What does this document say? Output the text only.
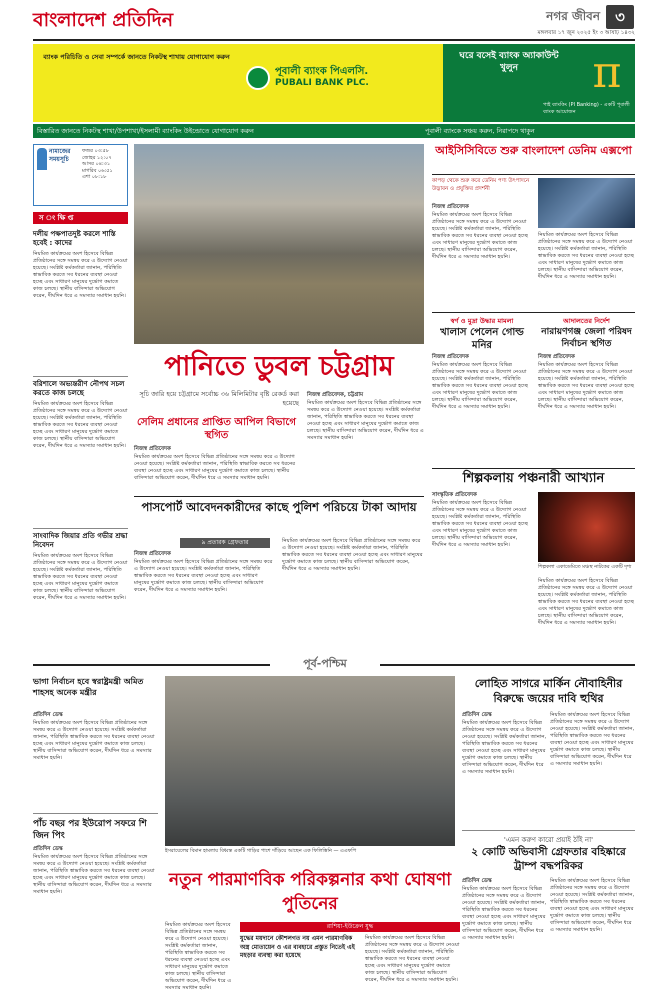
বাংলাদেশ প্রতিদিন	নগর জীবন	৩
মঙ্গলবার ১৭ জুন ২০২৫ ইং ৩ আষাঢ় ১৪৩২
ব্যাংক পরিচিতি ও সেবা সম্পর্কে জানতে নিকটস্থ শাখায় যোগাযোগ করুন
পূবালী ব্যাংক পিএলসি.
PUBALI BANK PLC.
ঘরে বসেই ব্যাংক অ্যাকাউন্ট খুলুন	π
পাই ব্যাংকিং (PI Banking) - একটি পূবালী ব্যাংক আয়োজন
বিস্তারিত জানতে নিকটস্থ শাখা/উপশাখা/ইসলামী ব্যাংকিং উইন্ডোতে যোগাযোগ করুন	পূবালী ব্যাংকে সঞ্চয় করুন, নিরাপদে থাকুন
নামাজের সময়সূচি
ফজর ০৩:৫৮
জোহর ১২:০৭
আসর ০৪:৩১
মাগরিব ০৬:৫১
এশা ০৮:১৮
স ং ক্ষি প্ত
দলীয় পক্ষপাতদুষ্ট করলে শাস্তি হবেই : কাদের
নিয়মিত কার্যক্রমের অংশ হিসেবে বিভিন্ন প্রতিষ্ঠানের সঙ্গে সমন্বয় করে এ উদ্যোগ নেওয়া হয়েছে। সংশ্লিষ্ট কর্মকর্তারা জানান, পরিস্থিতি স্বাভাবিক করতে সব ধরনের ব্যবস্থা নেওয়া হচ্ছে এবং সাধারণ মানুষের দুর্ভোগ কমাতে কাজ চলছে। স্থানীয় বাসিন্দারা অভিযোগ করেন, দীর্ঘদিন ধরে এ সমস্যার সমাধান হয়নি।
বরিশালে অভ্যন্তরীণ নৌপথ সচল করতে কাজ চলছে
নিয়মিত কার্যক্রমের অংশ হিসেবে বিভিন্ন প্রতিষ্ঠানের সঙ্গে সমন্বয় করে এ উদ্যোগ নেওয়া হয়েছে। সংশ্লিষ্ট কর্মকর্তারা জানান, পরিস্থিতি স্বাভাবিক করতে সব ধরনের ব্যবস্থা নেওয়া হচ্ছে এবং সাধারণ মানুষের দুর্ভোগ কমাতে কাজ চলছে। স্থানীয় বাসিন্দারা অভিযোগ করেন, দীর্ঘদিন ধরে এ সমস্যার সমাধান হয়নি।
সাংবাদিক জিয়ার প্রতি গভীর শ্রদ্ধা নিবেদন
নিয়মিত কার্যক্রমের অংশ হিসেবে বিভিন্ন প্রতিষ্ঠানের সঙ্গে সমন্বয় করে এ উদ্যোগ নেওয়া হয়েছে। সংশ্লিষ্ট কর্মকর্তারা জানান, পরিস্থিতি স্বাভাবিক করতে সব ধরনের ব্যবস্থা নেওয়া হচ্ছে এবং সাধারণ মানুষের দুর্ভোগ কমাতে কাজ চলছে। স্থানীয় বাসিন্দারা অভিযোগ করেন, দীর্ঘদিন ধরে এ সমস্যার সমাধান হয়নি।
পানিতে ডুবল চট্টগ্রাম
সূচি জারি হয়ে চট্টগ্রামে সর্বোচ্চ ৩৬ মিলিমিটার বৃষ্টি রেকর্ড করা হয়েছে
নিজস্ব প্রতিবেদক, চট্টগ্রাম
নিয়মিত কার্যক্রমের অংশ হিসেবে বিভিন্ন প্রতিষ্ঠানের সঙ্গে সমন্বয় করে এ উদ্যোগ নেওয়া হয়েছে। সংশ্লিষ্ট কর্মকর্তারা জানান, পরিস্থিতি স্বাভাবিক করতে সব ধরনের ব্যবস্থা নেওয়া হচ্ছে এবং সাধারণ মানুষের দুর্ভোগ কমাতে কাজ চলছে। স্থানীয় বাসিন্দারা অভিযোগ করেন, দীর্ঘদিন ধরে এ সমস্যার সমাধান হয়নি।
সেলিম প্রধানের প্রাপ্তিত আপিল বিভাগে স্থগিত
নিজস্ব প্রতিবেদক
নিয়মিত কার্যক্রমের অংশ হিসেবে বিভিন্ন প্রতিষ্ঠানের সঙ্গে সমন্বয় করে এ উদ্যোগ নেওয়া হয়েছে। সংশ্লিষ্ট কর্মকর্তারা জানান, পরিস্থিতি স্বাভাবিক করতে সব ধরনের ব্যবস্থা নেওয়া হচ্ছে এবং সাধারণ মানুষের দুর্ভোগ কমাতে কাজ চলছে। স্থানীয় বাসিন্দারা অভিযোগ করেন, দীর্ঘদিন ধরে এ সমস্যার সমাধান হয়নি।
পাসপোর্ট আবেদনকারীদের কাছে পুলিশ পরিচয়ে টাকা আদায়
৯ প্রতারক গ্রেফতার
নিজস্ব প্রতিবেদক
নিয়মিত কার্যক্রমের অংশ হিসেবে বিভিন্ন প্রতিষ্ঠানের সঙ্গে সমন্বয় করে এ উদ্যোগ নেওয়া হয়েছে। সংশ্লিষ্ট কর্মকর্তারা জানান, পরিস্থিতি স্বাভাবিক করতে সব ধরনের ব্যবস্থা নেওয়া হচ্ছে এবং সাধারণ মানুষের দুর্ভোগ কমাতে কাজ চলছে। স্থানীয় বাসিন্দারা অভিযোগ করেন, দীর্ঘদিন ধরে এ সমস্যার সমাধান হয়নি।
নিয়মিত কার্যক্রমের অংশ হিসেবে বিভিন্ন প্রতিষ্ঠানের সঙ্গে সমন্বয় করে এ উদ্যোগ নেওয়া হয়েছে। সংশ্লিষ্ট কর্মকর্তারা জানান, পরিস্থিতি স্বাভাবিক করতে সব ধরনের ব্যবস্থা নেওয়া হচ্ছে এবং সাধারণ মানুষের দুর্ভোগ কমাতে কাজ চলছে। স্থানীয় বাসিন্দারা অভিযোগ করেন, দীর্ঘদিন ধরে এ সমস্যার সমাধান হয়নি।
আইসিসিবিতে শুরু বাংলাদেশ ডেনিম এক্সপো
কাপড় থেকে শুরু করে ডেনিম পণ্য উৎপাদনে উদ্ভাবন ও প্রযুক্তির প্রদর্শনী
নিজস্ব প্রতিবেদক
নিয়মিত কার্যক্রমের অংশ হিসেবে বিভিন্ন প্রতিষ্ঠানের সঙ্গে সমন্বয় করে এ উদ্যোগ নেওয়া হয়েছে। সংশ্লিষ্ট কর্মকর্তারা জানান, পরিস্থিতি স্বাভাবিক করতে সব ধরনের ব্যবস্থা নেওয়া হচ্ছে এবং সাধারণ মানুষের দুর্ভোগ কমাতে কাজ চলছে। স্থানীয় বাসিন্দারা অভিযোগ করেন, দীর্ঘদিন ধরে এ সমস্যার সমাধান হয়নি।
নিয়মিত কার্যক্রমের অংশ হিসেবে বিভিন্ন প্রতিষ্ঠানের সঙ্গে সমন্বয় করে এ উদ্যোগ নেওয়া হয়েছে। সংশ্লিষ্ট কর্মকর্তারা জানান, পরিস্থিতি স্বাভাবিক করতে সব ধরনের ব্যবস্থা নেওয়া হচ্ছে এবং সাধারণ মানুষের দুর্ভোগ কমাতে কাজ চলছে। স্থানীয় বাসিন্দারা অভিযোগ করেন, দীর্ঘদিন ধরে এ সমস্যার সমাধান হয়নি।
স্বর্ণ ও মুদ্রা উদ্ধার মামলা
খালাস পেলেন গোল্ড মনির
নিজস্ব প্রতিবেদক
নিয়মিত কার্যক্রমের অংশ হিসেবে বিভিন্ন প্রতিষ্ঠানের সঙ্গে সমন্বয় করে এ উদ্যোগ নেওয়া হয়েছে। সংশ্লিষ্ট কর্মকর্তারা জানান, পরিস্থিতি স্বাভাবিক করতে সব ধরনের ব্যবস্থা নেওয়া হচ্ছে এবং সাধারণ মানুষের দুর্ভোগ কমাতে কাজ চলছে। স্থানীয় বাসিন্দারা অভিযোগ করেন, দীর্ঘদিন ধরে এ সমস্যার সমাধান হয়নি।
আদালতের নির্দেশ
নারায়ণগঞ্জ জেলা পরিষদ নির্বাচন স্থগিত
নিজস্ব প্রতিবেদক
নিয়মিত কার্যক্রমের অংশ হিসেবে বিভিন্ন প্রতিষ্ঠানের সঙ্গে সমন্বয় করে এ উদ্যোগ নেওয়া হয়েছে। সংশ্লিষ্ট কর্মকর্তারা জানান, পরিস্থিতি স্বাভাবিক করতে সব ধরনের ব্যবস্থা নেওয়া হচ্ছে এবং সাধারণ মানুষের দুর্ভোগ কমাতে কাজ চলছে। স্থানীয় বাসিন্দারা অভিযোগ করেন, দীর্ঘদিন ধরে এ সমস্যার সমাধান হয়নি।
শিল্পকলায় পঞ্চনারী আখ্যান
সাংস্কৃতিক প্রতিবেদক
নিয়মিত কার্যক্রমের অংশ হিসেবে বিভিন্ন প্রতিষ্ঠানের সঙ্গে সমন্বয় করে এ উদ্যোগ নেওয়া হয়েছে। সংশ্লিষ্ট কর্মকর্তারা জানান, পরিস্থিতি স্বাভাবিক করতে সব ধরনের ব্যবস্থা নেওয়া হচ্ছে এবং সাধারণ মানুষের দুর্ভোগ কমাতে কাজ চলছে। স্থানীয় বাসিন্দারা অভিযোগ করেন, দীর্ঘদিন ধরে এ সমস্যার সমাধান হয়নি।
শিল্পকলা একাডেমিতে মঞ্চস্থ নাটকের একটি দৃশ্য
নিয়মিত কার্যক্রমের অংশ হিসেবে বিভিন্ন প্রতিষ্ঠানের সঙ্গে সমন্বয় করে এ উদ্যোগ নেওয়া হয়েছে। সংশ্লিষ্ট কর্মকর্তারা জানান, পরিস্থিতি স্বাভাবিক করতে সব ধরনের ব্যবস্থা নেওয়া হচ্ছে এবং সাধারণ মানুষের দুর্ভোগ কমাতে কাজ চলছে। স্থানীয় বাসিন্দারা অভিযোগ করেন, দীর্ঘদিন ধরে এ সমস্যার সমাধান হয়নি।
পূর্ব-পশ্চিম
ভাগা নির্বাচন হবে স্বরাষ্ট্রমন্ত্রী অমিত শাহসহ অনেক মন্ত্রীর
প্রতিদিন ডেস্ক
নিয়মিত কার্যক্রমের অংশ হিসেবে বিভিন্ন প্রতিষ্ঠানের সঙ্গে সমন্বয় করে এ উদ্যোগ নেওয়া হয়েছে। সংশ্লিষ্ট কর্মকর্তারা জানান, পরিস্থিতি স্বাভাবিক করতে সব ধরনের ব্যবস্থা নেওয়া হচ্ছে এবং সাধারণ মানুষের দুর্ভোগ কমাতে কাজ চলছে। স্থানীয় বাসিন্দারা অভিযোগ করেন, দীর্ঘদিন ধরে এ সমস্যার সমাধান হয়নি।
পাঁচ বছর পর ইউরোপ সফরে শি জিন পিং
প্রতিদিন ডেস্ক
নিয়মিত কার্যক্রমের অংশ হিসেবে বিভিন্ন প্রতিষ্ঠানের সঙ্গে সমন্বয় করে এ উদ্যোগ নেওয়া হয়েছে। সংশ্লিষ্ট কর্মকর্তারা জানান, পরিস্থিতি স্বাভাবিক করতে সব ধরনের ব্যবস্থা নেওয়া হচ্ছে এবং সাধারণ মানুষের দুর্ভোগ কমাতে কাজ চলছে। স্থানীয় বাসিন্দারা অভিযোগ করেন, দীর্ঘদিন ধরে এ সমস্যার সমাধান হয়নি।
ইসরায়েলের বিমান হামলায় বিধ্বস্ত একটি গাড়ির পাশে দাঁড়িয়ে আছেন এক ফিলিস্তিনি — এএফপি
নতুন পারমাণবিক পরিকল্পনার কথা ঘোষণা পুতিনের
নিয়মিত কার্যক্রমের অংশ হিসেবে বিভিন্ন প্রতিষ্ঠানের সঙ্গে সমন্বয় করে এ উদ্যোগ নেওয়া হয়েছে। সংশ্লিষ্ট কর্মকর্তারা জানান, পরিস্থিতি স্বাভাবিক করতে সব ধরনের ব্যবস্থা নেওয়া হচ্ছে এবং সাধারণ মানুষের দুর্ভোগ কমাতে কাজ চলছে। স্থানীয় বাসিন্দারা অভিযোগ করেন, দীর্ঘদিন ধরে এ সমস্যার সমাধান হয়নি।
রাশিয়া-ইউক্রেন যুদ্ধ
যুদ্ধের ময়দানে কৌশলগত নয় এমন পারমাণবিক অস্ত্র মোতায়েন ও এর ব্যবহারে প্রস্তুত নিতেই এই মহড়ার ব্যবস্থা করা হয়েছে
নিয়মিত কার্যক্রমের অংশ হিসেবে বিভিন্ন প্রতিষ্ঠানের সঙ্গে সমন্বয় করে এ উদ্যোগ নেওয়া হয়েছে। সংশ্লিষ্ট কর্মকর্তারা জানান, পরিস্থিতি স্বাভাবিক করতে সব ধরনের ব্যবস্থা নেওয়া হচ্ছে এবং সাধারণ মানুষের দুর্ভোগ কমাতে কাজ চলছে। স্থানীয় বাসিন্দারা অভিযোগ করেন, দীর্ঘদিন ধরে এ সমস্যার সমাধান হয়নি।
লোহিত সাগরে মার্কিন নৌবাহিনীর বিরুদ্ধে জয়ের দাবি হুথির
প্রতিদিন ডেস্ক
নিয়মিত কার্যক্রমের অংশ হিসেবে বিভিন্ন প্রতিষ্ঠানের সঙ্গে সমন্বয় করে এ উদ্যোগ নেওয়া হয়েছে। সংশ্লিষ্ট কর্মকর্তারা জানান, পরিস্থিতি স্বাভাবিক করতে সব ধরনের ব্যবস্থা নেওয়া হচ্ছে এবং সাধারণ মানুষের দুর্ভোগ কমাতে কাজ চলছে। স্থানীয় বাসিন্দারা অভিযোগ করেন, দীর্ঘদিন ধরে এ সমস্যার সমাধান হয়নি।
নিয়মিত কার্যক্রমের অংশ হিসেবে বিভিন্ন প্রতিষ্ঠানের সঙ্গে সমন্বয় করে এ উদ্যোগ নেওয়া হয়েছে। সংশ্লিষ্ট কর্মকর্তারা জানান, পরিস্থিতি স্বাভাবিক করতে সব ধরনের ব্যবস্থা নেওয়া হচ্ছে এবং সাধারণ মানুষের দুর্ভোগ কমাতে কাজ চলছে। স্থানীয় বাসিন্দারা অভিযোগ করেন, দীর্ঘদিন ধরে এ সমস্যার সমাধান হয়নি।
'এমন করুণ কারো প্রয়াই ঠাঁই না'
২ কোটি অভিবাসী গ্রেফতার বহিষ্কারে ট্রাম্প বদ্ধপরিকর
প্রতিদিন ডেস্ক
নিয়মিত কার্যক্রমের অংশ হিসেবে বিভিন্ন প্রতিষ্ঠানের সঙ্গে সমন্বয় করে এ উদ্যোগ নেওয়া হয়েছে। সংশ্লিষ্ট কর্মকর্তারা জানান, পরিস্থিতি স্বাভাবিক করতে সব ধরনের ব্যবস্থা নেওয়া হচ্ছে এবং সাধারণ মানুষের দুর্ভোগ কমাতে কাজ চলছে। স্থানীয় বাসিন্দারা অভিযোগ করেন, দীর্ঘদিন ধরে এ সমস্যার সমাধান হয়নি।
নিয়মিত কার্যক্রমের অংশ হিসেবে বিভিন্ন প্রতিষ্ঠানের সঙ্গে সমন্বয় করে এ উদ্যোগ নেওয়া হয়েছে। সংশ্লিষ্ট কর্মকর্তারা জানান, পরিস্থিতি স্বাভাবিক করতে সব ধরনের ব্যবস্থা নেওয়া হচ্ছে এবং সাধারণ মানুষের দুর্ভোগ কমাতে কাজ চলছে। স্থানীয় বাসিন্দারা অভিযোগ করেন, দীর্ঘদিন ধরে এ সমস্যার সমাধান হয়নি।
